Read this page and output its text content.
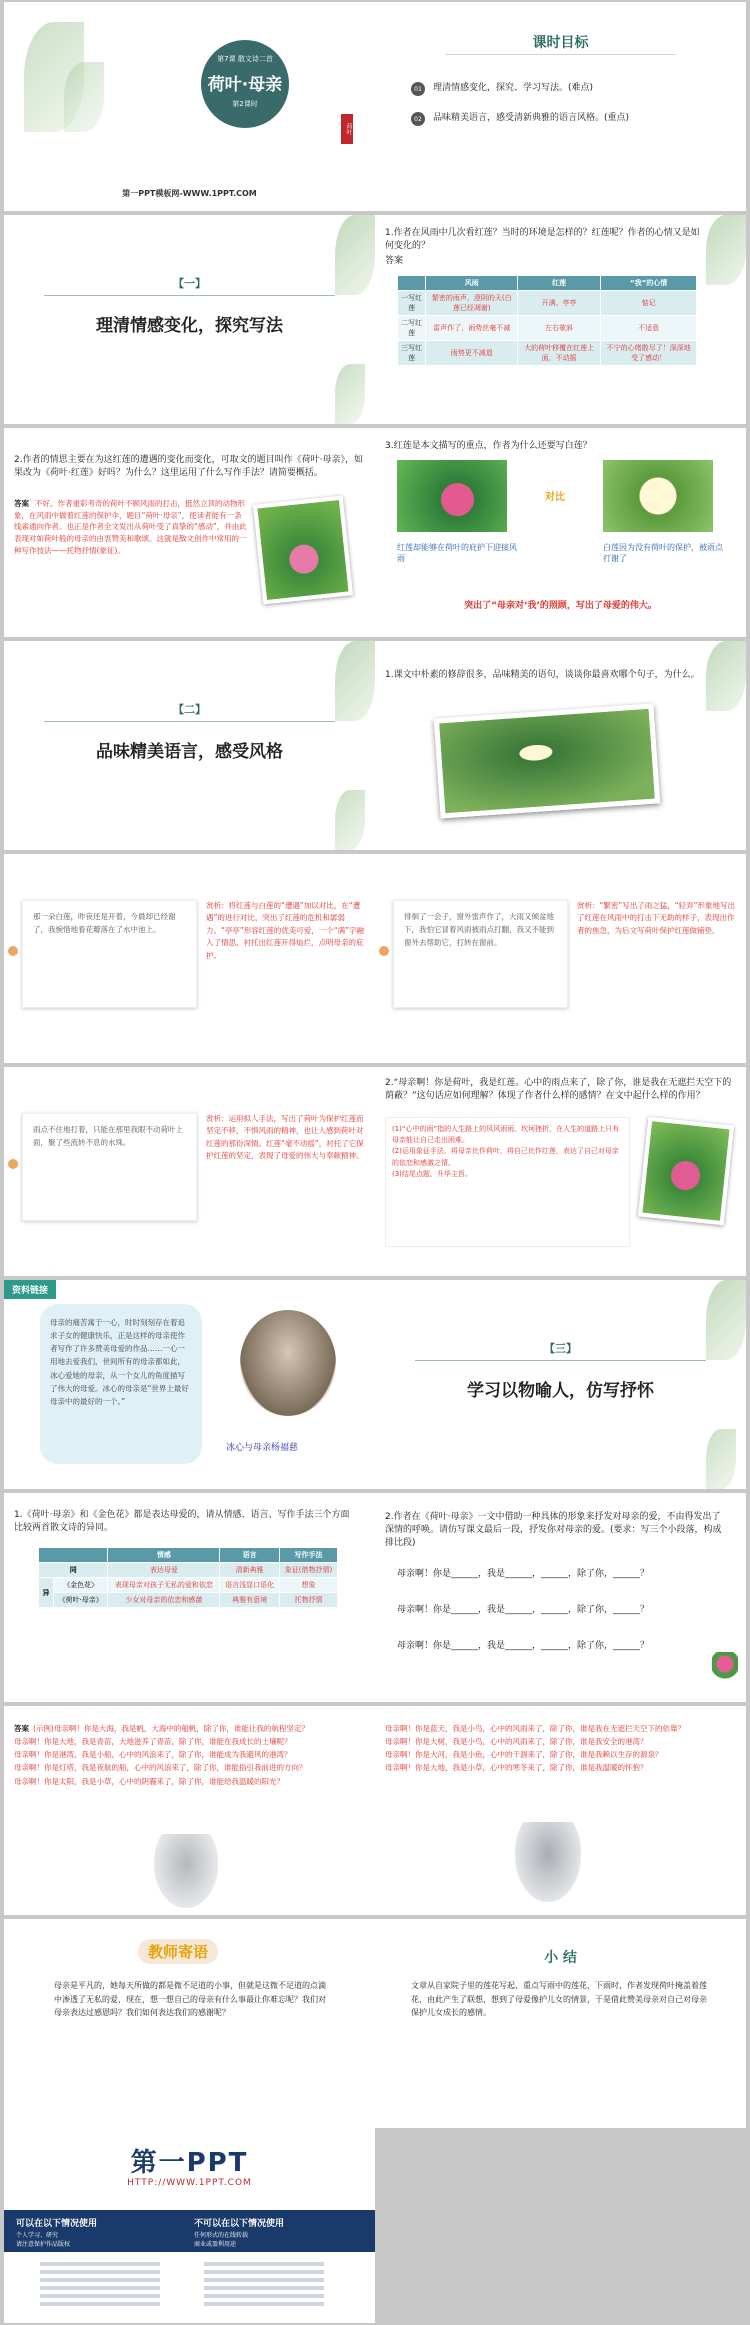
第7课 散文诗二首
荷叶·母亲
第2课时
荷叶
第一PPT模板网-WWW.1PPT.COM
课时目标
01	理清情感变化，探究、学习写法。(难点)
02	品味精美语言，感受清新典雅的语言风格。(重点)
【一】
理清情感变化，探究写法
1.作者在风雨中几次看红莲？当时的环境是怎样的？红莲呢？作者的心情又是如何变化的？
答案
	风雨	红莲	“我”的心情
一写红莲	繁密的雨声，澄阴的天(白莲已经凋谢)	开满、亭亭	惦记
二写红莲	雷声作了，雨势丝毫不减	左右欹斜	不适意
三写红莲	雨势更不减退	大的荷叶移覆在红莲上面，不动摇	不宁的心绪散尽了！深深地受了感动！
2.作者的情思主要在为这红莲的遭遇的变化而变化，可取文的题目叫作《荷叶·母亲》，如果改为《荷叶·红莲》好吗？为什么？这里运用了什么写作手法？请简要概括。
答案 不好。作者重彩考奇的荷叶不顾风雨的打击，挺然立顶的动物形象，在风雨中做着红莲的保护伞，题目“荷叶·母亲”，使读者能有一条线索通向作者。也正是作者全文发出从荷叶受了真挚的“感动”，并由此表现对如荷叶般的母亲的由衷赞美和歌颂。这就是散文创作中常用的一种写作技法——托物抒情(象征)。
3.红莲是本文描写的重点，作者为什么还要写白莲？
对比
红莲却能够在荷叶的庇护下迎接风雨
白莲因为没有荷叶的保护，被雨点打谢了
突出了“母亲对‘我’的照顾，写出了母爱的伟大。
【二】
品味精美语言，感受风格
1.课文中朴素的修辞很多，品味精美的语句，谈谈你最喜欢哪个句子，为什么。
那一朵白莲，昨夜还是开着，今晨却已经谢了，我惋惜地看花瓣落在了水中池上。
赏析：将红莲与白莲的“遭遇”加以对比，在“遭遇”的进行对比，突出了红莲的危机和孱弱力。“亭亭”形容红莲的优美可爱，一个“满”字融入了情思，衬托出红莲开得灿烂，点明母亲的庇护。
徘徊了一会子，窗外雷声作了，大雨又倾盆地下，我怕它冒着风雨被雨点打翻，我又不能到窗外去帮助它，打转在窗前。
赏析：“繁密”写出了雨之猛，“轻弄”形象地写出了红莲在风雨中的打击下无助的样子，表现出作者的焦急，为后文写荷叶保护红莲做铺垫。
雨点不住地打着，只能在那里我眼不动荷叶上面，聚了些流转不息的水珠。
赏析：运用拟人手法，写出了荷叶为保护红莲而坚定不移，不惧风雨的精神，也让人感到荷叶对红莲的那份深情。红莲“毫不动摇”，衬托了它保护红莲的坚定，表现了母爱的伟大与奉献精神。
2.“母亲啊！你是荷叶，我是红莲。心中的雨点来了，除了你，谁是我在无遮拦天空下的荫蔽？”这句话应如何理解？体现了作者什么样的感情？在文中起什么样的作用？
(1)“心中的雨”指的人生路上的风风雨雨、坎坷挫折，在人生的道路上只有母亲能让自己走出困难。
(2)运用象征手法，将母亲比作荷叶，将自己比作红莲，表达了自己对母亲的依恋和感激之情。
(3)结尾点题，升华主旨。
资料链接
母亲的痛苦寓于一心，时时刻刻存在着追求子女的健康快乐，正是这样的母亲使作者写作了许多赞美母爱的作品……一心一用地去爱我们，世间所有的母亲都如此，冰心爱她的母亲，从一个女儿的角度描写了伟大的母爱。冰心的母亲是“世界上最好母亲中的最好的一个。”
冰心与母亲杨福慈
【三】
学习以物喻人，仿写抒怀
1.《荷叶·母亲》和《金色花》都是表达母爱的，请从情感、语言、写作手法三个方面比较两首散文诗的异同。
		情感	语言	写作手法
同		表达母爱	清新典雅	象征(借物抒情)
异	《金色花》	表现母亲对孩子无私的爱和依恋	语言浅显口语化	想象
	《荷叶·母亲》	少女对母亲的依恋和感激	典雅有意境	托物抒情
2.作者在《荷叶·母亲》一文中借助一种具体的形象来抒发对母亲的爱，不由得发出了深情的呼唤。请仿写课文最后一段，抒发你对母亲的爱。(要求：写三个小段落，构成排比段)
母亲啊！你是______，我是______，______，除了你，______？
母亲啊！你是______，我是______，______，除了你，______？
母亲啊！你是______，我是______，______，除了你，______？
答案 (示例)母亲啊！你是大海，我是帆，大海中的船帆，除了你，谁能让我的航程坚定？
母亲啊！你是大地，我是青苗，大地滋养了青苗，除了你，谁能在我成长的土壤呢？
母亲啊！你是港湾，我是小船，心中的风浪来了，除了你，谁能成为我避风的港湾？
母亲啊！你是灯塔，我是夜航的船，心中的风浪来了，除了你，谁能指引我前进的方向？
母亲啊！你是太阳，我是小草，心中的阴霾来了，除了你，谁能给我温暖的阳光？
母亲啊！你是蓝天，我是小鸟，心中的风雨来了，除了你，谁是我在无遮拦天空下的依靠？
母亲啊！你是大树，我是小鸟，心中的风雨来了，除了你，谁是我安全的港湾？
母亲啊！你是大河，我是小鱼，心中的干涸来了，除了你，谁是我赖以生存的源泉？
母亲啊！你是大地，我是小草，心中的寒冬来了，除了你，谁是我温暖的怀抱？
教师寄语
母亲是平凡的，她每天所做的都是微不足道的小事，但就是这微不足道的点滴中渗透了无私的爱，现在，想一想自己的母亲有什么事最让你难忘呢？我们对母亲表达过感恩吗？我们如何表达我们的感谢呢？
小 结
文章从自家院子里的莲花写起，重点写雨中的莲花，下雨时，作者发现荷叶掩盖着莲花，由此产生了联想，想到了母爱像护儿女的情景，于是借此赞美母亲对自己对母亲保护儿女成长的感情。
第一PPT
HTTP://WWW.1PPT.COM
可以在以下情况使用
个人学习、研究
请注意保护作品版权
不可以在以下情况使用
任何形式的在线转载
商业或盈利用途
